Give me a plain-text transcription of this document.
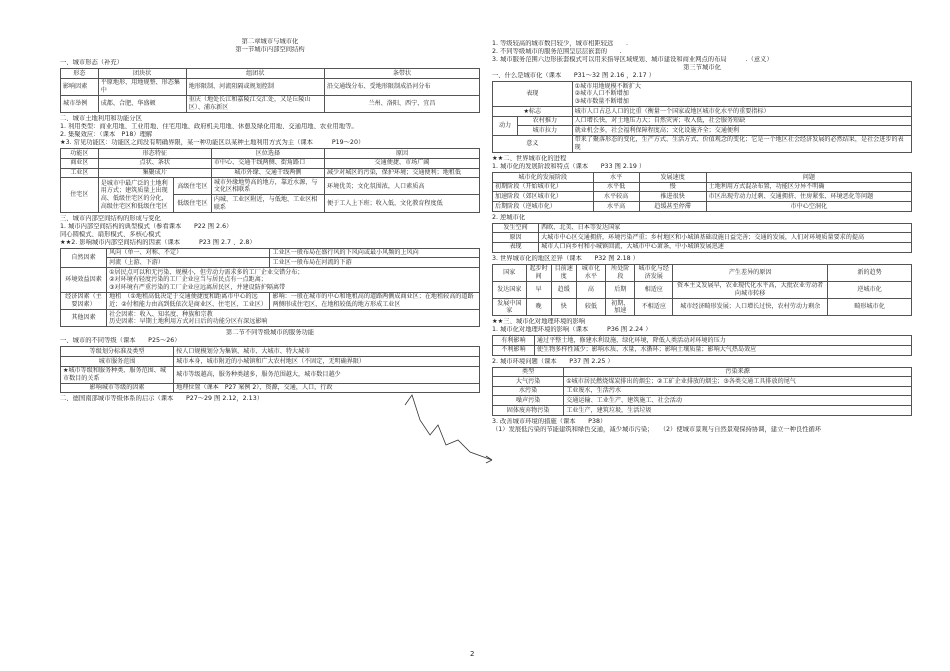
第二章城市与城市化
第一节城市内部空间结构
一、城市形态（补充）
形态	团块状	组团状	条带状
影响因素	平原地形、用地规整、形态集中	地形限制、河流阻隔或规划控制	沿交通线分布、受地形限制成沿河分布
城市举例	成都、合肥、华盛顿	重庆（地处长江和嘉陵江交汇处，又是丘陵山区）、浦东新区	兰州、洛阳、西宁、宜昌
二、城市土地利用和功能分区
1. 利用类型：商业用地、工业用地、住宅用地、政府机关用地、休憩及绿化用地、交通用地、农业用地等。
2. 集聚效应：（课本　P18）理解
★3. 常见功能区：功能区之间没有明确界限，某一种功能区以某种土地利用方式为主（课本　　　P19～20）
功能区	形态特征		区位选择	原因
商业区	点状、条状		市中心、交通干线两侧、街角路口	交通便捷、市场广阔
工业区	集聚成片		城市外缘、交通干线两侧	减少对城区的污染，保护环境；交通便利；地租低
住宅区	是城市中最广泛的土地利用方式；建筑质量上出现高、低级住宅区的分化，高级住宅区和低级住宅区	高级住宅区	城市外缘地势高的地方，靠近水源，与文化区相联系	环境优美；文化氛围浓，人口素质高
		低级住宅区	内城、工业区附近，与低地、工业区相联系	便于工人上下班；收入低，文化教育程度低
三、城市内部空间结构的形成与变化
1. 城市内部空间结构的典型模式（参看课本　　P22 图 2.6）
同心圆模式、扇形模式、多核心模式
★★2. 影响城市内部空间结构的因素（课本　　　P23 图 2.7 、2.8）
自然因素	风向（单一、对称、不定）	工业区一般布局在盛行风的下风向或最小风频的上风向
	河流（上游、下游）	工业区一般布局在河流的下游
环境效益因素	①居民点可以和无污染、规模小，但劳动力需求多的工厂企业交错分布；
②对环境有轻度污染的工厂企业应当与居民点有一点距离；
③对环境有严重污染的工厂企业应远离居民区，并建设防护隔离带	

经济因素（主要因素）	地租　（①地租高低决定于交通便捷度和距离市中心的远近；②付租能力由高到低依次是商业区、住宅区、工业区）	影响：一般在城市的中心和地租高的道路两侧成商业区；在地租较高的道路两侧形成住宅区，在地租较低的地方形成工业区
其他因素	社会因素：收入、知名度、种族和宗教
历史因素：早期土地利用方式对日后的功能分区有深远影响	
第二节不同等级城市的服务功能
一、城市的不同等级（课本　　P25～26）
等级划分标准及类型	按人口规模划分为集镇、城市、大城市、特大城市
城市服务范围	城市本身，城市附近的小城镇和广大农村地区（不固定，无明确界限）
★城市等级和服务种类、服务范围、城市数目的关系	城市等级越高，服务种类越多，服务范围越大，城市数目越少
影响城市等级的因素	地理位置（课本　P27 案例 2），资源，交通，人口，行政
二、德国南部城市等级体系的启示（课本　　P27～29 图 2.12，2.13）
1. 等级较高的城市数目较少，城市相距较远　　.
2. 不同等级城市的服务范围呈层层嵌套的　　.
3. 城市服务范围六边形嵌套模式可以用来指导区域规划、城市建设和商业网点的布局　　　.（意义）
第三节城市化
一、什么是城市化（课本　　P31～32 图 2.16 ，2.17 ）
表现		①城市用地规模不断扩大
②城市人口不断增加
③城市数量不断增加

★标志		城市人口占总人口的比重（衡量一个国家或地区城市化水平的重要指标）
动力	农村推力	人口增长快，对土地压力大；自然灾害；收入低，社会服务短缺
	城市拉力	就业机会多，社会福利保障程度高；文化设施齐全；交通便利
意义		带来了聚落形态的变化，生产方式、生活方式、价值观念的变化；它是一个地区社会经济发展的必然结果，是社会进步的表现
★★二、世界城市化的进程
1. 城市化的发展阶段和特点（课本　　P33 图 2.19 ）
城市化的发展阶段	水平	发展速度	问题
初期阶段（开始城市化）	水平低	慢	土地利用方式混杂布置，功能区分异不明确
加速阶段（郊区城市化）	水平较高	推进很快	市区出现劳动力过剩、交通拥挤、住房紧张、环境恶化等问题
后期阶段（逆城市化）	水平高	趋缓甚至停滞	市中心空洞化
2. 逆城市化
发生空间	西欧、北美、日本等发达国家
原因	大城市中心区交通拥挤，环境污染严重；乡村地区和小城镇基础设施日益完善；交通的发展，人们对环境质量要求的提高
表现	城市人口向乡村和小城镇回流，大城市中心萧条，中小城镇发展迅速
3. 世界城市化的地区差异（课本　　P32 图 2.18 ）
国家	起步时间	目前速度	城市化水平	所处阶段	城市化与经济发展	产生差异的原因	新的趋势
发达国家	早	趋缓	高	后期	相适应	资本主义发展早，农业现代化水平高，大批农业劳动者向城市转移	逆城市化
发展中国家	晚	快	较低	初期、加速	不相适应	城市经济畸形发展；人口增长过快，农村劳动力剩余	畸形城市化
★★三、城市化对地理环境的影响
1. 城市化对地理环境的影响（课本　　　P36 图 2.24 ）
有利影响	通过平整土地，修建水利设施，绿化环境，降低人类活动对环境的压力
不利影响	使生物多样性减少；影响水质、水量，水循环；影响土壤质量；影响大气热岛效应
2. 城市环境问题（课本　　P37 图 2.25 ）
类型	污染来源
大气污染	①城市居民燃烧煤炭排出的烟尘；②工矿企业排放的烟尘；③各类交通工具排放的尾气
水污染	工业废水，生活污水
噪声污染	交通运输、工业生产、建筑施工、社会活动
固体废弃物污染	工业生产，建筑垃圾，生活垃圾
3. 改善城市环境的措施（课本　　P38）
（1）发展低污染的节能建筑和绿色交通，减少城市污染；　　（2）使城市景观与自然景观保持协调，建立一种良性循环
2
